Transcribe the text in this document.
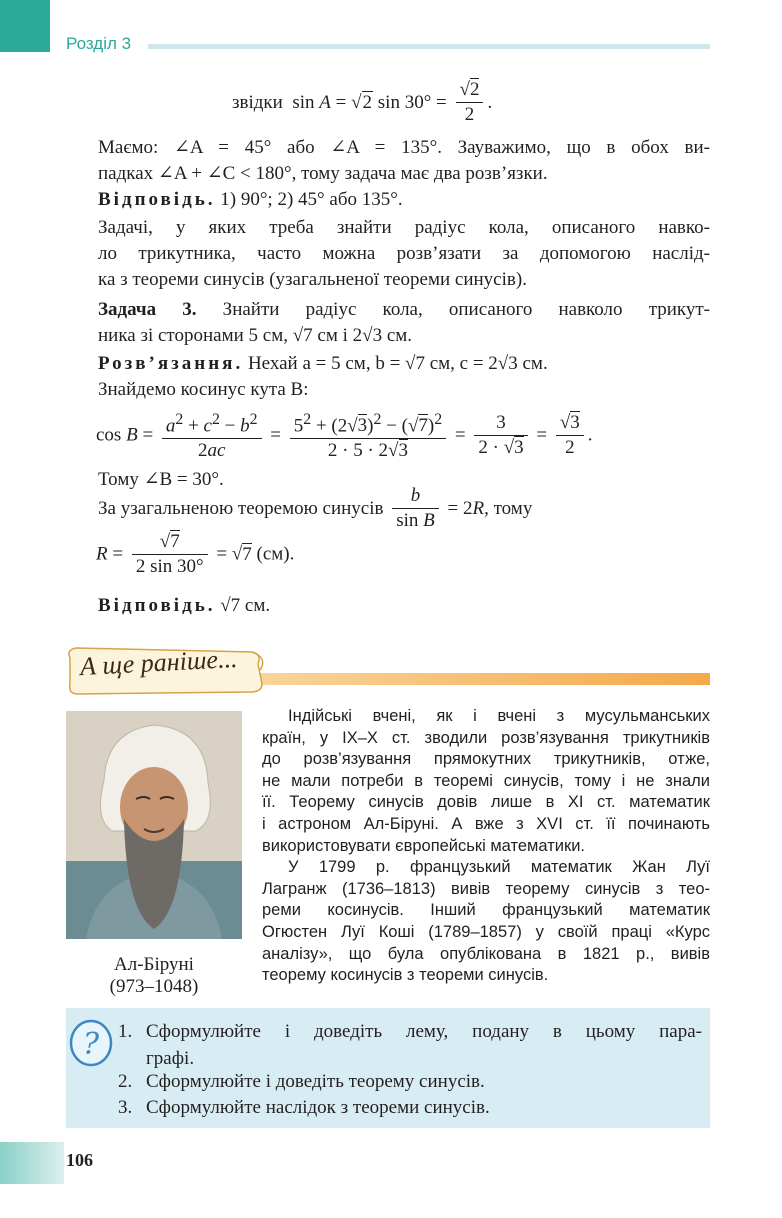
Розділ 3
звідки  sin A = √2 $\sin 30^\circ = \frac{√2}{2}$ .
Маємо: ∠A = 45° або ∠A = 135°. Зауважимо, що в обох ви-
падках ∠A + ∠C < 180°, тому задача має два розв’язки.
Відповідь. 1) 90°; 2) 45° або 135°.
Задачі, у яких треба знайти радіус кола, описаного навко-
ло трикутника, часто можна розв’язати за допомогою наслід-
ка з теореми синусів (узагальненої теореми синусів).
Задача 3. Знайти радіус кола, описаного навколо трикут-
ника зі сторонами 5 см, √7 см і 2√3 см.
Розв’язання. Нехай a = 5 см, b = √7 см, c = 2√3 см.
Знайдемо косинус кута B:
$\cos B = \frac{a^2 + c^2 - b^2}{2ac} = \frac{5^2 + (2√3)^2 - (√7)^2}{2 \cdot 5 \cdot 2√3} = \frac{3}{2 \cdot √3} = \frac{√3}{2}$ .
Тому ∠B = 30°.
За узагальненою теоремою синусів $\frac{b}{\text{sin B}} = 2R$, тому
$R = \frac{√7}{2 \sin 30^\circ} = √7$ (см).
Відповідь. √7 см.
А ще раніше...
Ал-Біруні
(973–1048)
Індійські вчені, як і вчені з мусульманських
країн, у IX–X ст. зводили розв’язування трикутників
до розв’язування прямокутних трикутників, отже,
не мали потреби в теоремі синусів, тому і не знали
її. Теорему синусів довів лише в XI ст. математик
і астроном Ал-Біруні. А вже з XVI ст. її починають
використовувати європейські математики.
У 1799 р. французький математик Жан Луї
Лагранж (1736–1813) вивів теорему синусів з тео-
реми косинусів. Інший французький математик
Огюстен Луї Коші (1789–1857) у своїй праці «Курс
аналізу», що була опублікована в 1821 р., вивів
теорему косинусів з теореми синусів.
? 1. Сформулюйте і доведіть лему, подану в цьому пара-
графі.
2. Сформулюйте і доведіть теорему синусів.
3. Сформулюйте наслідок з теореми синусів.
106
